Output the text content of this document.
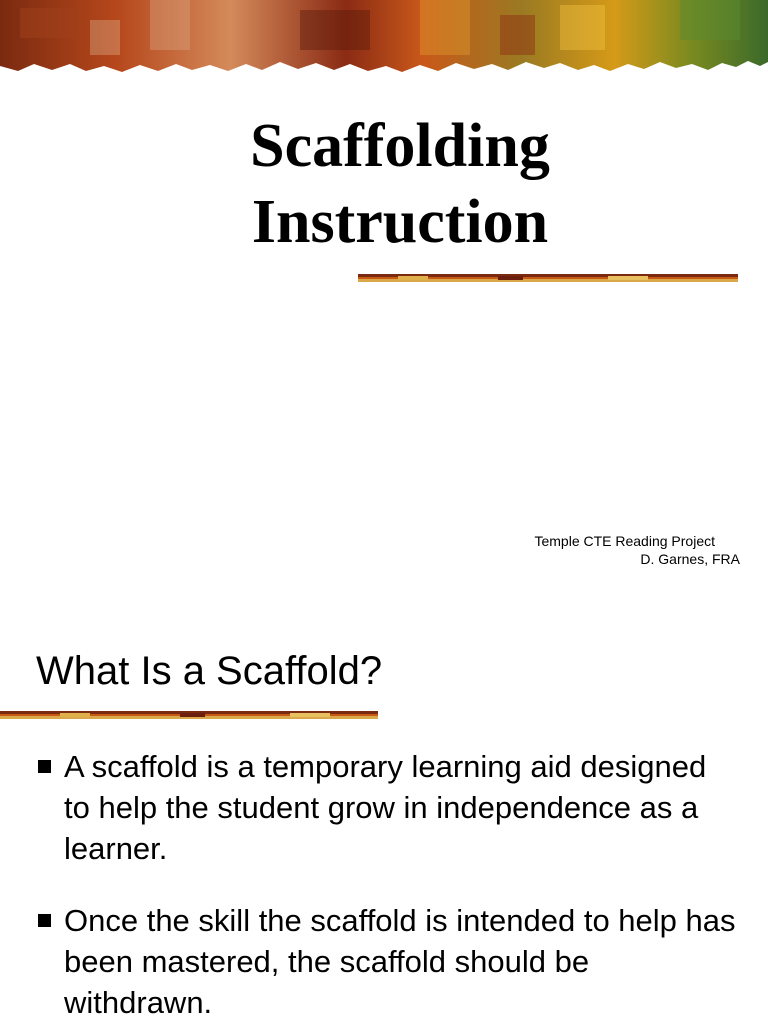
Scaffolding
Instruction
Temple CTE Reading Project
D. Garnes, FRA
What Is a Scaffold?
A scaffold is a temporary learning aid designed to help the student grow in independence as a learner.
Once the skill the scaffold is intended to help has been mastered, the scaffold should be withdrawn.
